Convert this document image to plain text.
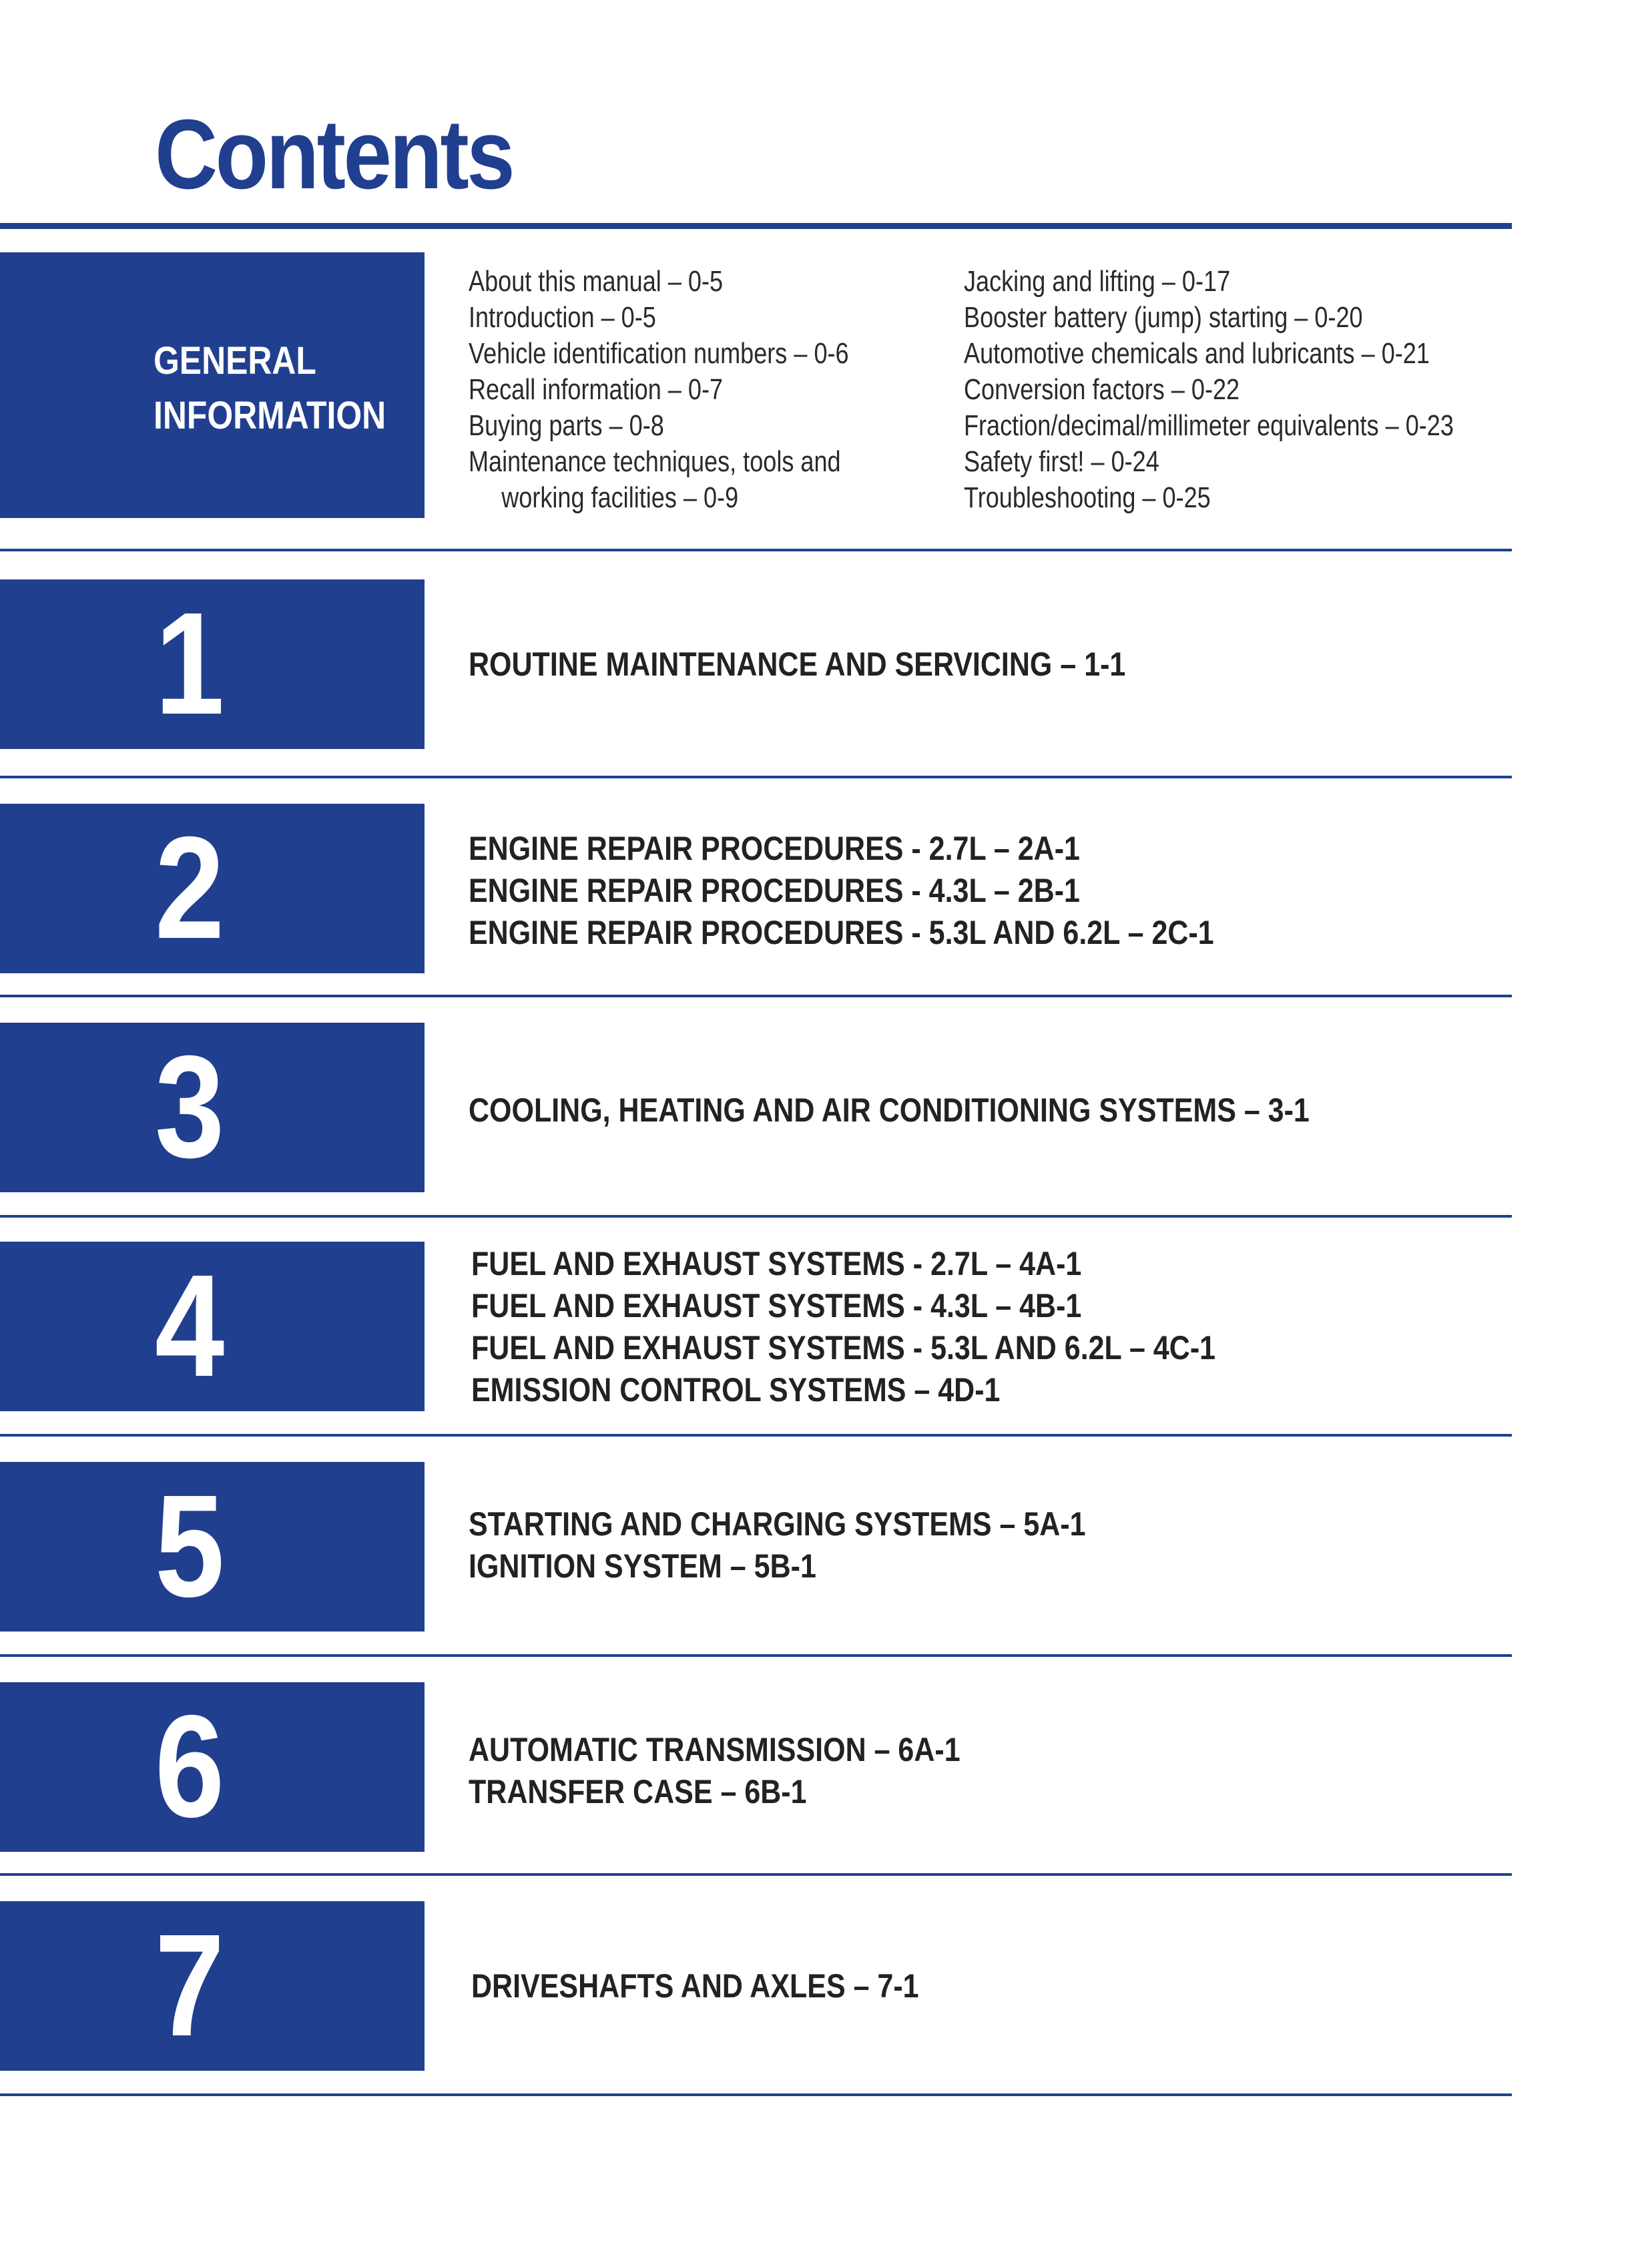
Contents
GENERAL
INFORMATION
About this manual – 0-5
Introduction – 0-5
Vehicle identification numbers – 0-6
Recall information – 0-7
Buying parts – 0-8
Maintenance techniques, tools and
working facilities – 0-9
Jacking and lifting – 0-17
Booster battery (jump) starting – 0-20
Automotive chemicals and lubricants – 0-21
Conversion factors – 0-22
Fraction/decimal/millimeter equivalents – 0-23
Safety first! – 0-24
Troubleshooting – 0-25
1	ROUTINE MAINTENANCE AND SERVICING – 1-1
2	ENGINE REPAIR PROCEDURES - 2.7L – 2A-1
ENGINE REPAIR PROCEDURES - 4.3L – 2B-1
ENGINE REPAIR PROCEDURES - 5.3L AND 6.2L – 2C-1
3	COOLING, HEATING AND AIR CONDITIONING SYSTEMS – 3-1
4	FUEL AND EXHAUST SYSTEMS - 2.7L – 4A-1
FUEL AND EXHAUST SYSTEMS - 4.3L – 4B-1
FUEL AND EXHAUST SYSTEMS - 5.3L AND 6.2L – 4C-1
EMISSION CONTROL SYSTEMS – 4D-1
5	STARTING AND CHARGING SYSTEMS – 5A-1
IGNITION SYSTEM – 5B-1
6	AUTOMATIC TRANSMISSION – 6A-1
TRANSFER CASE – 6B-1
7	DRIVESHAFTS AND AXLES – 7-1
